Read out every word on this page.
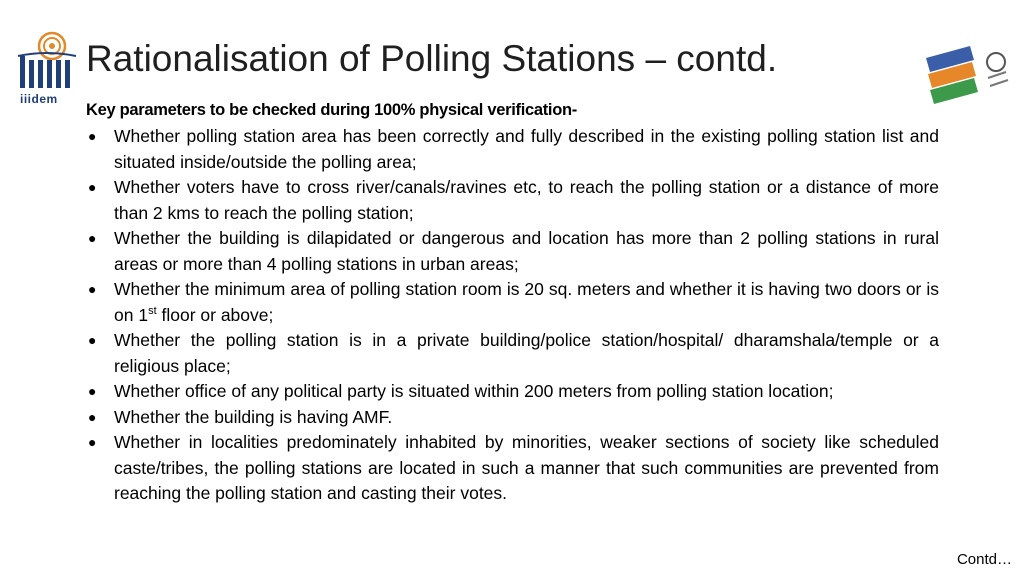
iiidem
Rationalisation of Polling Stations – contd.
Key parameters to be checked during 100% physical verification-
● Whether polling station area has been correctly and fully described in the existing polling station list and situated inside/outside the polling area;
● Whether voters have to cross river/canals/ravines etc, to reach the polling station or a distance of more than 2 kms to reach the polling station;
● Whether the building is dilapidated or dangerous and location has more than 2 polling stations in rural areas or more than 4 polling stations in urban areas;
● Whether the minimum area of polling station room is 20 sq. meters and whether it is having two doors or is on 1st floor or above;
● Whether the polling station is in a private building/police station/hospital/ dharamshala/temple or a religious place;
● Whether office of any political party is situated within 200 meters from polling station location;
● Whether the building is having AMF.
● Whether in localities predominately inhabited by minorities, weaker sections of society like scheduled caste/tribes, the polling stations are located in such a manner that such communities are prevented from reaching the polling station and casting their votes.
Contd…
